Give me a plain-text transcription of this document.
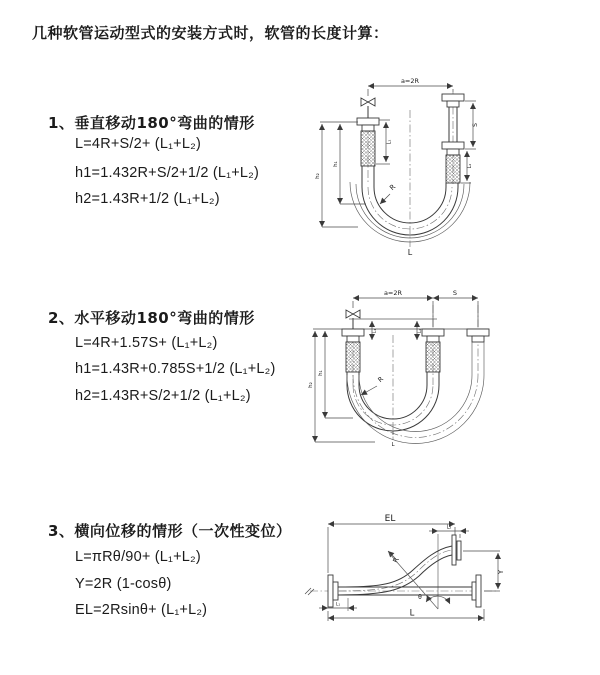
几种软管运动型式的安装方式时，软管的长度计算：
1、垂直移动180°弯曲的情形
L=4R+S/2+ (L₁+L₂)
h1=1.432R+S/2+1/2 (L₁+L₂)
h2=1.43R+1/2 (L₁+L₂)
a=2R
h₂
h₁
L₁
S
L₂
R
L
2、水平移动180°弯曲的情形
L=4R+1.57S+ (L₁+L₂)
h1=1.43R+0.785S+1/2 (L₁+L₂)
h2=1.43R+S/2+1/2 (L₁+L₂)
a=2R	S
h₂
h₁
L₁	L₂
R
L
3、横向位移的情形（一次性变位）
L=πRθ/90+ (L₁+L₂)
Y=2R (1-cosθ)
EL=2Rsinθ+ (L₁+L₂)
EL
L₂
R
θ
Y
L₁
L
